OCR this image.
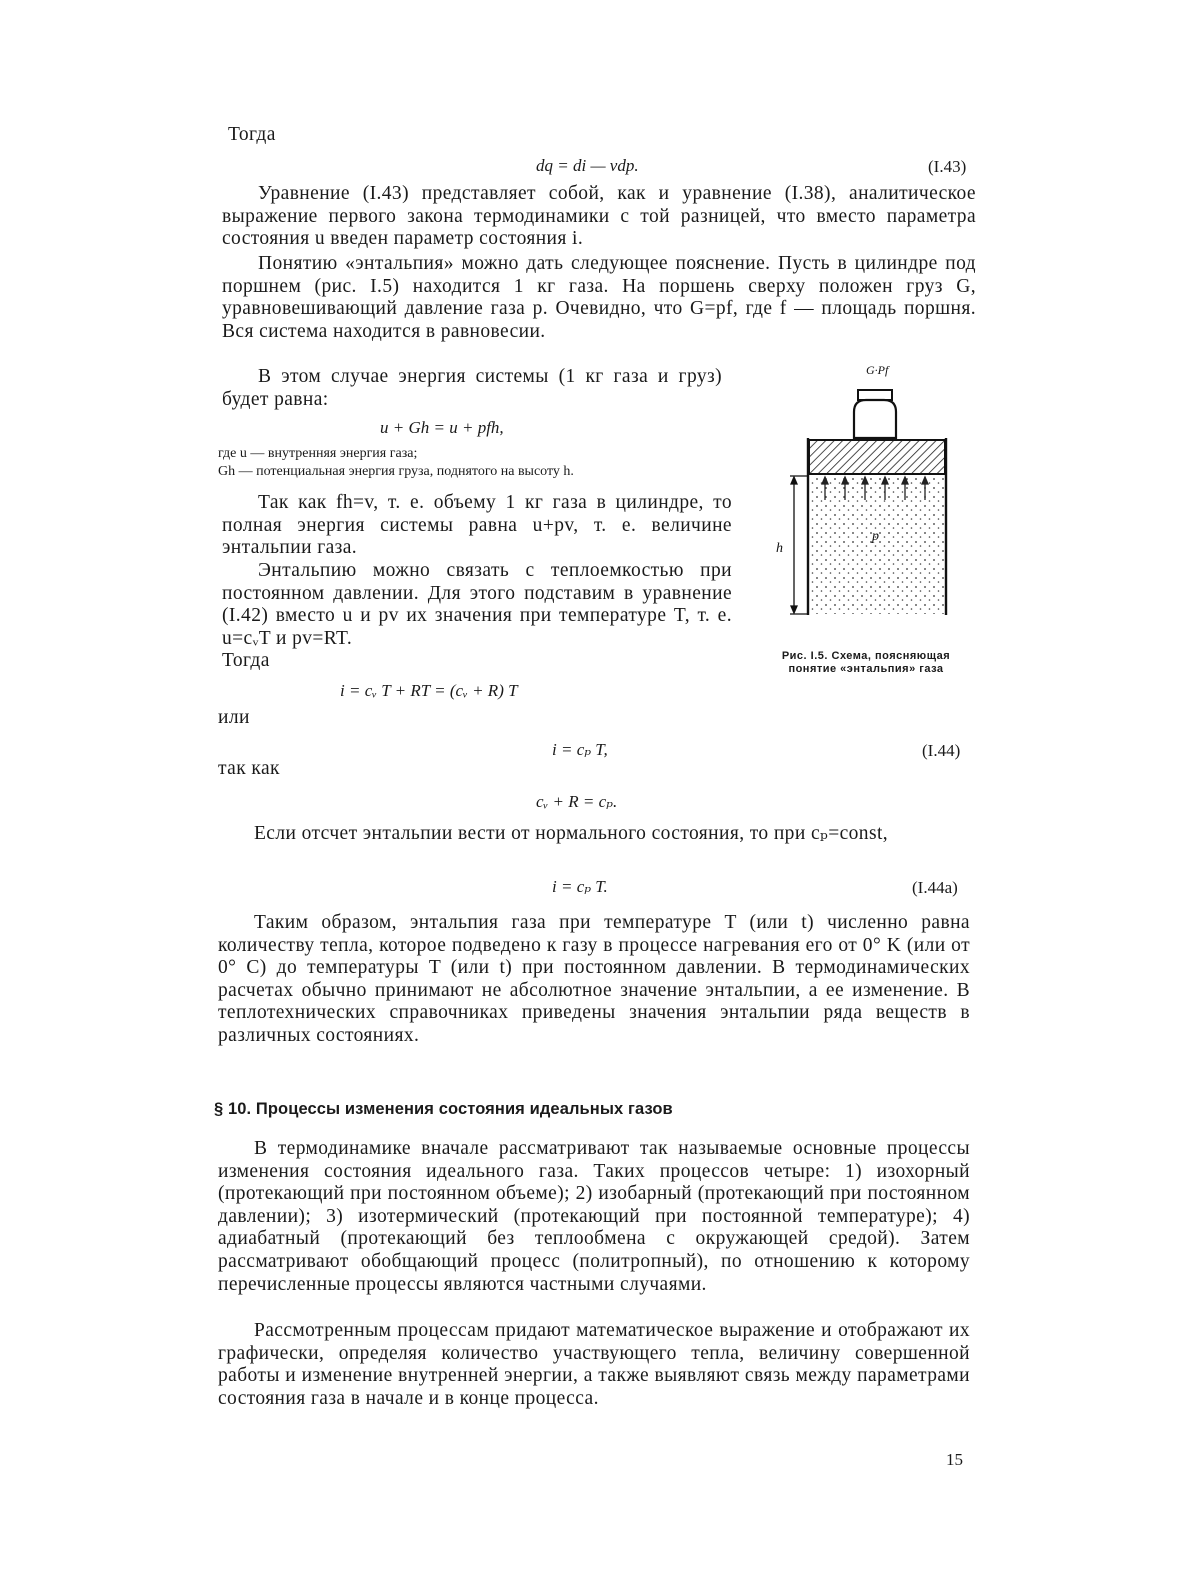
Тогда
dq = di — vdp.	(I.43)
Уравнение (I.43) представляет собой, как и уравнение (I.38), аналитическое выражение первого закона термодинамики с той разницей, что вместо параметра состояния u введен параметр состояния i.
Понятию «энтальпия» можно дать следующее пояснение. Пусть в цилиндре под поршнем (рис. I.5) находится 1 кг газа. На поршень сверху положен груз G, уравновешивающий давление газа p. Очевидно, что G=pf, где f — площадь поршня. Вся система находится в равновесии.
В этом случае энергия системы (1 кг газа и груз) будет равна:
u + Gh = u + pfh,
где u — внутренняя энергия газа;
Gh — потенциальная энергия груза, поднятого на высоту h.
Так как fh=v, т. е. объему 1 кг газа в цилиндре, то полная энергия системы равна u+pv, т. е. величине энтальпии газа.
Энтальпию можно связать с теплоемкостью при постоянном давлении. Для этого подставим в уравнение (I.42) вместо u и pv их значения при температуре T, т. е. u=cᵥT и pv=RT.
Тогда
h
p
G·Pf
Рис. I.5. Схема, поясняющая понятие «энтальпия» газа
i = cᵥ T + RT = (cᵥ + R) T
или
i = cₚ T,	(I.44)
так как
cᵥ + R = cₚ.
Если отсчет энтальпии вести от нормального состояния, то при cₚ=const,
i = cₚ T.	(I.44a)
Таким образом, энтальпия газа при температуре T (или t) численно равна количеству тепла, которое подведено к газу в процессе нагревания его от 0° K (или от 0° C) до температуры T (или t) при постоянном давлении. В термодинамических расчетах обычно принимают не абсолютное значение энтальпии, а ее изменение. В теплотехнических справочниках приведены значения энтальпии ряда веществ в различных состояниях.
§ 10. Процессы изменения состояния идеальных газов
В термодинамике вначале рассматривают так называемые основные процессы изменения состояния идеального газа. Таких процессов четыре: 1) изохорный (протекающий при постоянном объеме); 2) изобарный (протекающий при постоянном давлении); 3) изотермический (протекающий при постоянной температуре); 4) адиабатный (протекающий без теплообмена с окружающей средой). Затем рассматривают обобщающий процесс (политропный), по отношению к которому перечисленные процессы являются частными случаями.
Рассмотренным процессам придают математическое выражение и отображают их графически, определяя количество участвующего тепла, величину совершенной работы и изменение внутренней энергии, а также выявляют связь между параметрами состояния газа в начале и в конце процесса.
15
